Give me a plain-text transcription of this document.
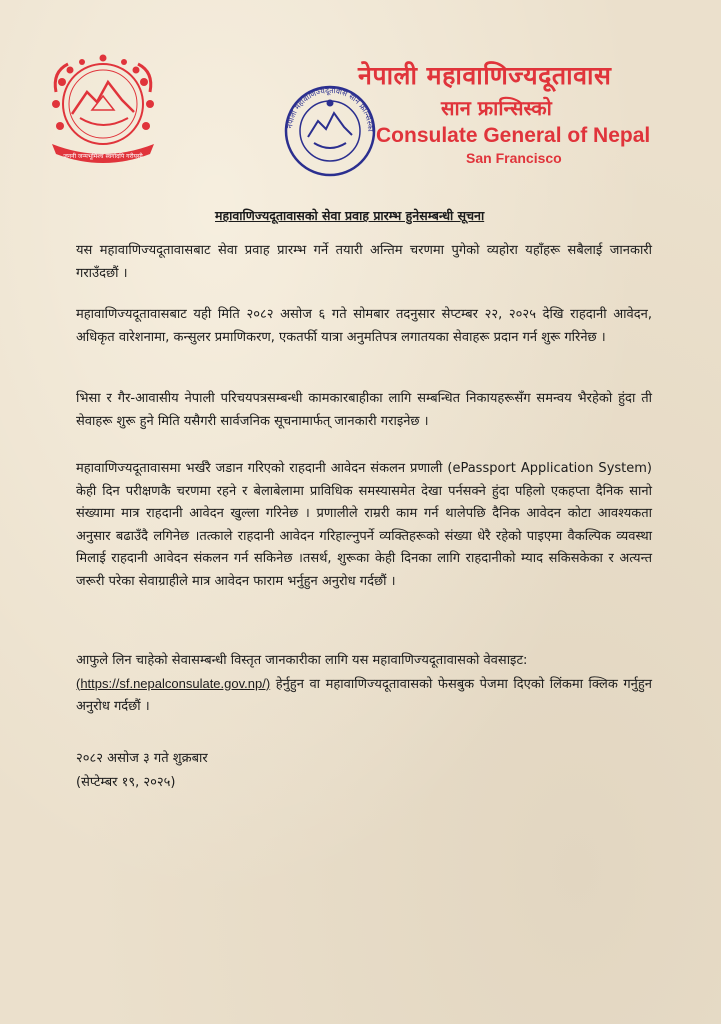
जननी जन्मभूमिश्च स्वर्गादपि गरीयसी
नेपाली महावाणिज्यदूतावास सान फ्रान्सिस्को
नेपाली महावाणिज्यदूतावास
सान फ्रान्सिस्को
Consulate General of Nepal
San Francisco
महावाणिज्यदूतावासको सेवा प्रवाह प्रारम्भ हुनेसम्बन्धी सूचना

यस महावाणिज्यदूतावासबाट सेवा प्रवाह प्रारम्भ गर्ने तयारी अन्तिम चरणमा पुगेको व्यहोरा यहाँहरू सबैलाई जानकारी गराउँदछौं ।

महावाणिज्यदूतावासबाट यही मिति २०८२ असोज ६ गते सोमबार तदनुसार सेप्टम्बर २२, २०२५ देखि राहदानी आवेदन, अधिकृत वारेशनामा, कन्सुलर प्रमाणिकरण, एकतर्फी यात्रा अनुमतिपत्र लगातयका सेवाहरू प्रदान गर्न शुरू गरिनेछ ।

भिसा र गैर-आवासीय नेपाली परिचयपत्रसम्बन्धी कामकारबाहीका लागि सम्बन्धित निकायहरूसँग समन्वय भैरहेको हुंदा ती सेवाहरू शुरू हुने मिति यसैगरी सार्वजनिक सूचनामार्फत् जानकारी गराइनेछ ।

महावाणिज्यदूतावासमा भर्खरै जडान गरिएको राहदानी आवेदन संकलन प्रणाली (ePassport Application System) केही दिन परीक्षणकै चरणमा रहने र बेलाबेलामा प्राविधिक समस्यासमेत देखा पर्नसक्ने हुंदा पहिलो एकहप्ता दैनिक सानो संख्यामा मात्र राहदानी आवेदन खुल्ला गरिनेछ । प्रणालीले राम्ररी काम गर्न थालेपछि दैनिक आवेदन कोटा आवश्यकता अनुसार बढाउँदै लगिनेछ ।तत्काले राहदानी आवेदन गरिहाल्नुपर्ने व्यक्तिहरूको संख्या धेरै रहेको पाइएमा वैकल्पिक व्यवस्था मिलाई राहदानी आवेदन संकलन गर्न सकिनेछ ।तसर्थ, शुरूका केही दिनका लागि राहदानीको म्याद सकिसकेका र अत्यन्त जरूरी परेका सेवाग्राहीले मात्र आवेदन फाराम भर्नुहुन अनुरोध गर्दछौं ।

आफुले लिन चाहेको सेवासम्बन्धी विस्तृत जानकारीका लागि यस महावाणिज्यदूतावासको वेवसाइट:
(https://sf.nepalconsulate.gov.np/) हेर्नुहुन वा महावाणिज्यदूतावासको फेसबुक पेजमा दिएको लिंकमा क्लिक गर्नुहुन अनुरोध गर्दछौं ।

२०८२ असोज ३ गते शुक्रबार
(सेप्टेम्बर १९, २०२५)
